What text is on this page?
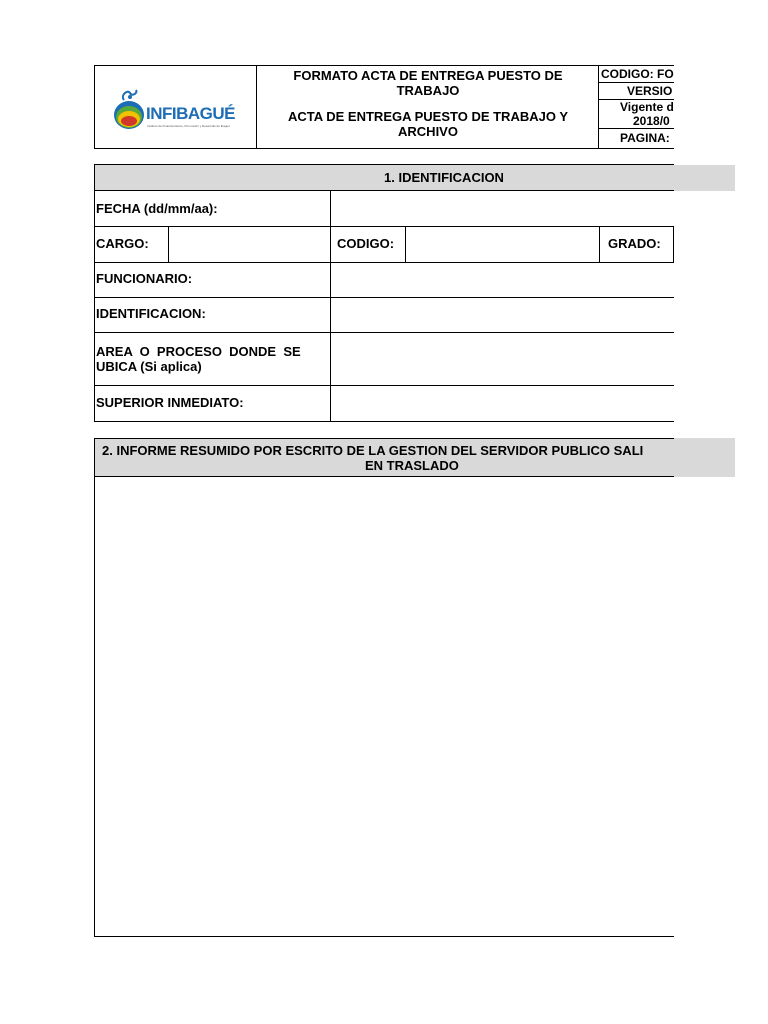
INFIBAGUÉ
Instituto de Financiamiento, Promoción y Desarrollo de Ibagué
FORMATO ACTA DE ENTREGA PUESTO DE
TRABAJO
ACTA DE ENTREGA PUESTO DE TRABAJO Y
ARCHIVO
CODIGO: FO
VERSIO
Vigente d
2018/0
PAGINA:
1. IDENTIFICACION
FECHA (dd/mm/aa):
CARGO:	CODIGO:	GRADO:
FUNCIONARIO:
IDENTIFICACION:
AREA  O  PROCESO  DONDE  SE
UBICA (Si aplica)
SUPERIOR INMEDIATO:
2. INFORME RESUMIDO POR ESCRITO DE LA GESTION DEL SERVIDOR PUBLICO SALI
EN TRASLADO
